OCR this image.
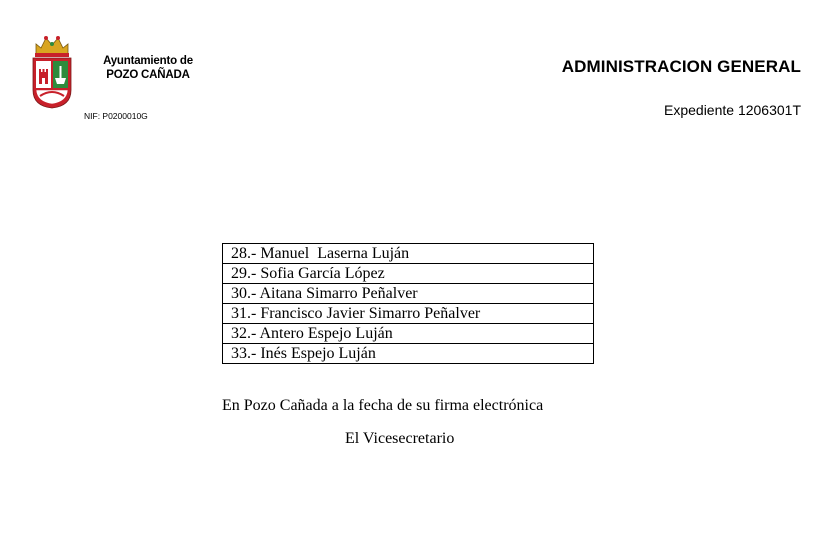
Ayuntamiento de
POZO CAÑADA
NIF: P0200010G
ADMINISTRACION GENERAL
Expediente 1206301T
28.- Manuel  Laserna Luján
29.- Sofia García López
30.- Aitana Simarro Peñalver
31.- Francisco Javier Simarro Peñalver
32.- Antero Espejo Luján
33.- Inés Espejo Luján
En Pozo Cañada a la fecha de su firma electrónica
El Vicesecretario
